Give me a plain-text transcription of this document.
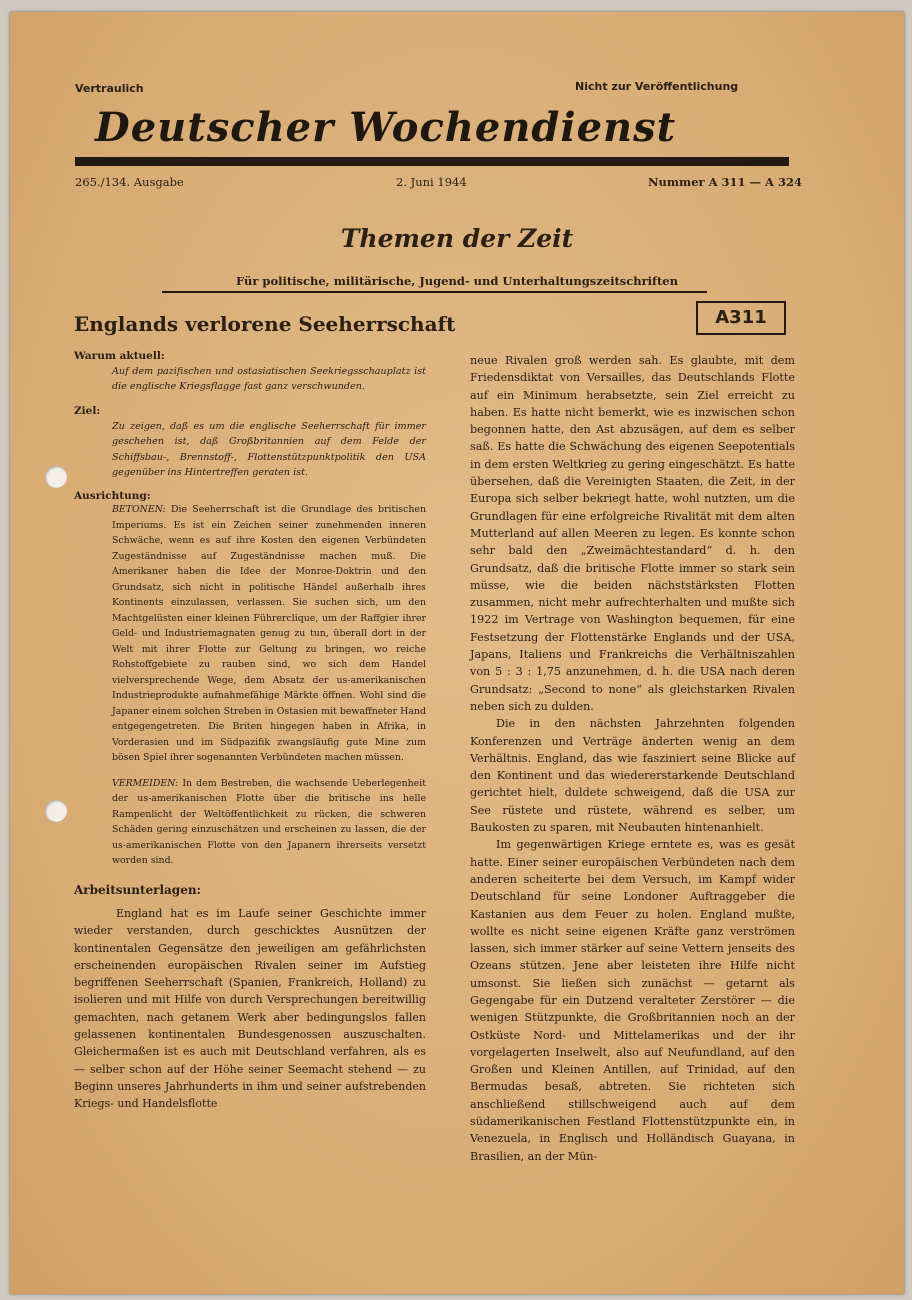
Vertraulich	Nicht zur Veröffentlichung
Deutscher Wochendienst
265./134. Ausgabe	2. Juni 1944	Nummer A 311 — A 324
Themen der Zeit
Für politische, militärische, Jugend- und Unterhaltungszeitschriften
Englands verlorene Seeherrschaft	A311

Warum aktuell:

Auf dem pazifischen und ostasiatischen Seekriegsschauplatz ist die englische Kriegsflagge fast ganz verschwunden.

Ziel:

Zu zeigen, daß es um die englische Seeherrschaft für immer geschehen ist, daß Großbritannien auf dem Felde der Schiffsbau-, Brennstoff-, Flottenstützpunktpolitik den USA gegenüber ins Hintertreffen geraten ist.

Ausrichtung:

BETONEN: Die Seeherrschaft ist die Grundlage des britischen Imperiums. Es ist ein Zeichen seiner zunehmenden inneren Schwäche, wenn es auf ihre Kosten den eigenen Verbündeten Zugeständnisse auf Zugeständnisse machen muß. Die Amerikaner haben die Idee der Monroe-Doktrin und den Grundsatz, sich nicht in politische Händel außerhalb ihres Kontinents einzulassen, verlassen. Sie suchen sich, um den Machtgelüsten einer kleinen Führerclique, um der Raffgier ihrer Geld- und Industriemagnaten genug zu tun, überall dort in der Welt mit ihrer Flotte zur Geltung zu bringen, wo reiche Rohstoffgebiete zu rauben sind, wo sich dem Handel vielversprechende Wege, dem Absatz der us-amerikanischen Industrieprodukte aufnahmefähige Märkte öffnen. Wohl sind die Japaner einem solchen Streben in Ostasien mit bewaffneter Hand entgegengetreten. Die Briten hingegen haben in Afrika, in Vorderasien und im Südpazifik zwangsläufig gute Mine zum bösen Spiel ihrer sogenannten Verbündeten machen müssen.

VERMEIDEN: In dem Bestreben, die wachsende Ueberlegenheit der us-amerikanischen Flotte über die britische ins helle Rampenlicht der Weltöffentlichkeit zu rücken, die schweren Schäden gering einzuschätzen und erscheinen zu lassen, die der us-amerikanischen Flotte von den Japanern ihrerseits versetzt worden sind.

Arbeitsunterlagen:

England hat es im Laufe seiner Geschichte immer wieder verstanden, durch geschicktes Ausnützen der kontinentalen Gegensätze den jeweiligen am gefährlichsten erscheinenden europäischen Rivalen seiner im Aufstieg begriffenen Seeherrschaft (Spanien, Frankreich, Holland) zu isolieren und mit Hilfe von durch Versprechungen bereitwillig gemachten, nach getanem Werk aber bedingungslos fallen gelassenen kontinentalen Bundesgenossen auszuschalten. Gleichermaßen ist es auch mit Deutschland verfahren, als es — selber schon auf der Höhe seiner Seemacht stehend — zu Beginn unseres Jahrhunderts in ihm und seiner aufstrebenden Kriegs- und Handelsflotte

neue Rivalen groß werden sah. Es glaubte, mit dem Friedensdiktat von Versailles, das Deutschlands Flotte auf ein Minimum herabsetzte, sein Ziel erreicht zu haben. Es hatte nicht bemerkt, wie es inzwischen schon begonnen hatte, den Ast abzusägen, auf dem es selber saß. Es hatte die Schwächung des eigenen Seepotentials in dem ersten Weltkrieg zu gering eingeschätzt. Es hatte übersehen, daß die Vereinigten Staaten, die Zeit, in der Europa sich selber bekriegt hatte, wohl nutzten, um die Grundlagen für eine erfolgreiche Rivalität mit dem alten Mutterland auf allen Meeren zu legen. Es konnte schon sehr bald den „Zweimächtestandard“ d. h. den Grundsatz, daß die britische Flotte immer so stark sein müsse, wie die beiden nächststärksten Flotten zusammen, nicht mehr aufrechterhalten und mußte sich 1922 im Vertrage von Washington bequemen, für eine Festsetzung der Flottenstärke Englands und der USA, Japans, Italiens und Frankreichs die Verhältniszahlen von 5 : 3 : 1,75 anzunehmen, d. h. die USA nach deren Grundsatz: „Second to none“ als gleichstarken Rivalen neben sich zu dulden.

Die in den nächsten Jahrzehnten folgenden Konferenzen und Verträge änderten wenig an dem Verhältnis. England, das wie fasziniert seine Blicke auf den Kontinent und das wiedererstarkende Deutschland gerichtet hielt, duldete schweigend, daß die USA zur See rüstete und rüstete, während es selber, um Baukosten zu sparen, mit Neubauten hintenanhielt.

Im gegenwärtigen Kriege erntete es, was es gesät hatte. Einer seiner europäischen Verbündeten nach dem anderen scheiterte bei dem Versuch, im Kampf wider Deutschland für seine Londoner Auftraggeber die Kastanien aus dem Feuer zu holen. England mußte, wollte es nicht seine eigenen Kräfte ganz verströmen lassen, sich immer stärker auf seine Vettern jenseits des Ozeans stützen. Jene aber leisteten ihre Hilfe nicht umsonst. Sie ließen sich zunächst — getarnt als Gegengabe für ein Dutzend veralteter Zerstörer — die wenigen Stützpunkte, die Großbritannien noch an der Ostküste Nord- und Mittelamerikas und der ihr vorgelagerten Inselwelt, also auf Neufundland, auf den Großen und Kleinen Antillen, auf Trinidad, auf den Bermudas besaß, abtreten. Sie richteten sich anschließend stillschweigend auch auf dem südamerikanischen Festland Flottenstützpunkte ein, in Venezuela, in Englisch und Holländisch Guayana, in Brasilien, an der Mün-
